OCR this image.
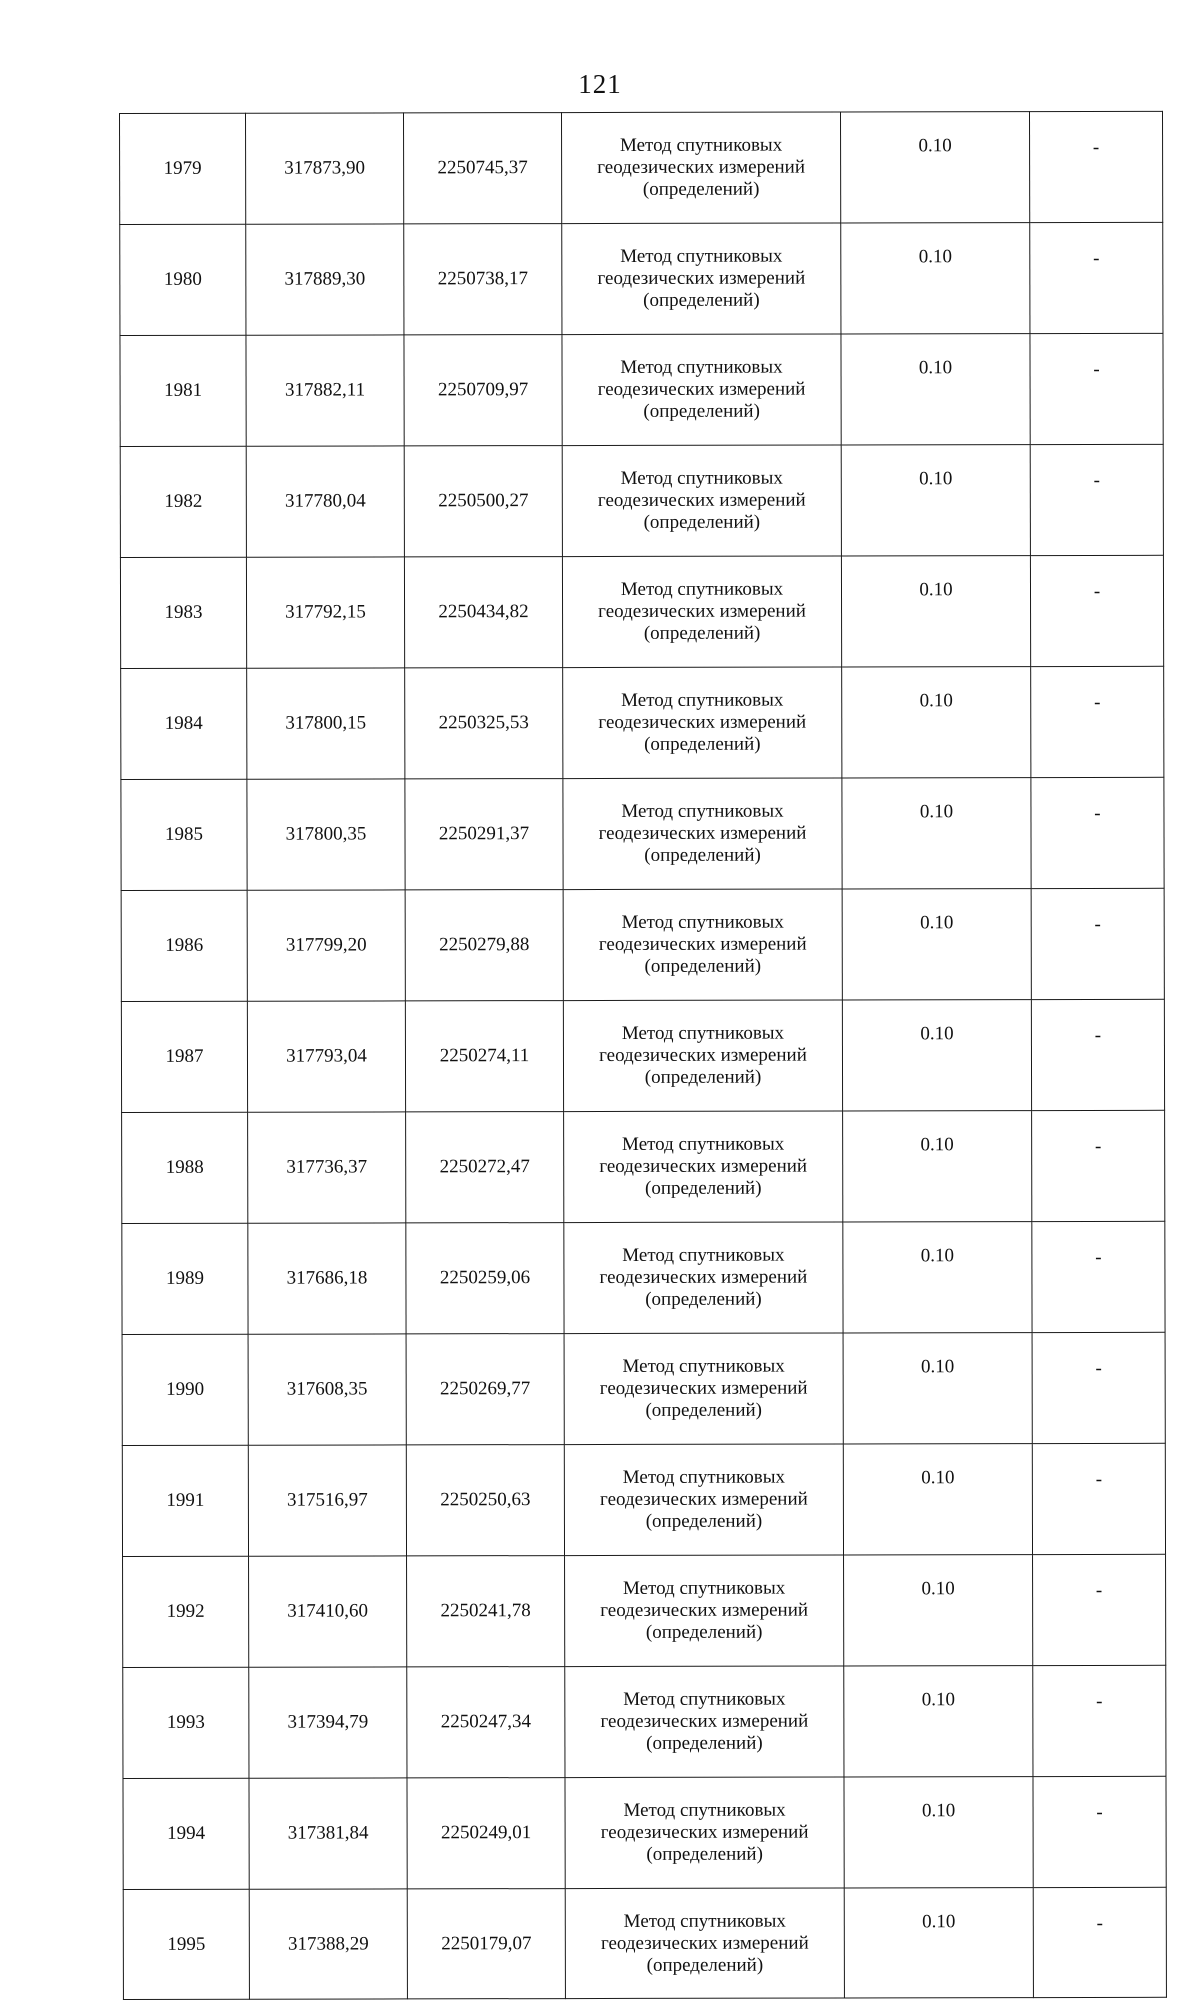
121
1979	317873,90	2250745,37	Метод спутниковых
геодезических измерений
(определений)	0.10	-
1980	317889,30	2250738,17	Метод спутниковых
геодезических измерений
(определений)	0.10	-
1981	317882,11	2250709,97	Метод спутниковых
геодезических измерений
(определений)	0.10	-
1982	317780,04	2250500,27	Метод спутниковых
геодезических измерений
(определений)	0.10	-
1983	317792,15	2250434,82	Метод спутниковых
геодезических измерений
(определений)	0.10	-
1984	317800,15	2250325,53	Метод спутниковых
геодезических измерений
(определений)	0.10	-
1985	317800,35	2250291,37	Метод спутниковых
геодезических измерений
(определений)	0.10	-
1986	317799,20	2250279,88	Метод спутниковых
геодезических измерений
(определений)	0.10	-
1987	317793,04	2250274,11	Метод спутниковых
геодезических измерений
(определений)	0.10	-
1988	317736,37	2250272,47	Метод спутниковых
геодезических измерений
(определений)	0.10	-
1989	317686,18	2250259,06	Метод спутниковых
геодезических измерений
(определений)	0.10	-
1990	317608,35	2250269,77	Метод спутниковых
геодезических измерений
(определений)	0.10	-
1991	317516,97	2250250,63	Метод спутниковых
геодезических измерений
(определений)	0.10	-
1992	317410,60	2250241,78	Метод спутниковых
геодезических измерений
(определений)	0.10	-
1993	317394,79	2250247,34	Метод спутниковых
геодезических измерений
(определений)	0.10	-
1994	317381,84	2250249,01	Метод спутниковых
геодезических измерений
(определений)	0.10	-
1995	317388,29	2250179,07	Метод спутниковых
геодезических измерений
(определений)	0.10	-
